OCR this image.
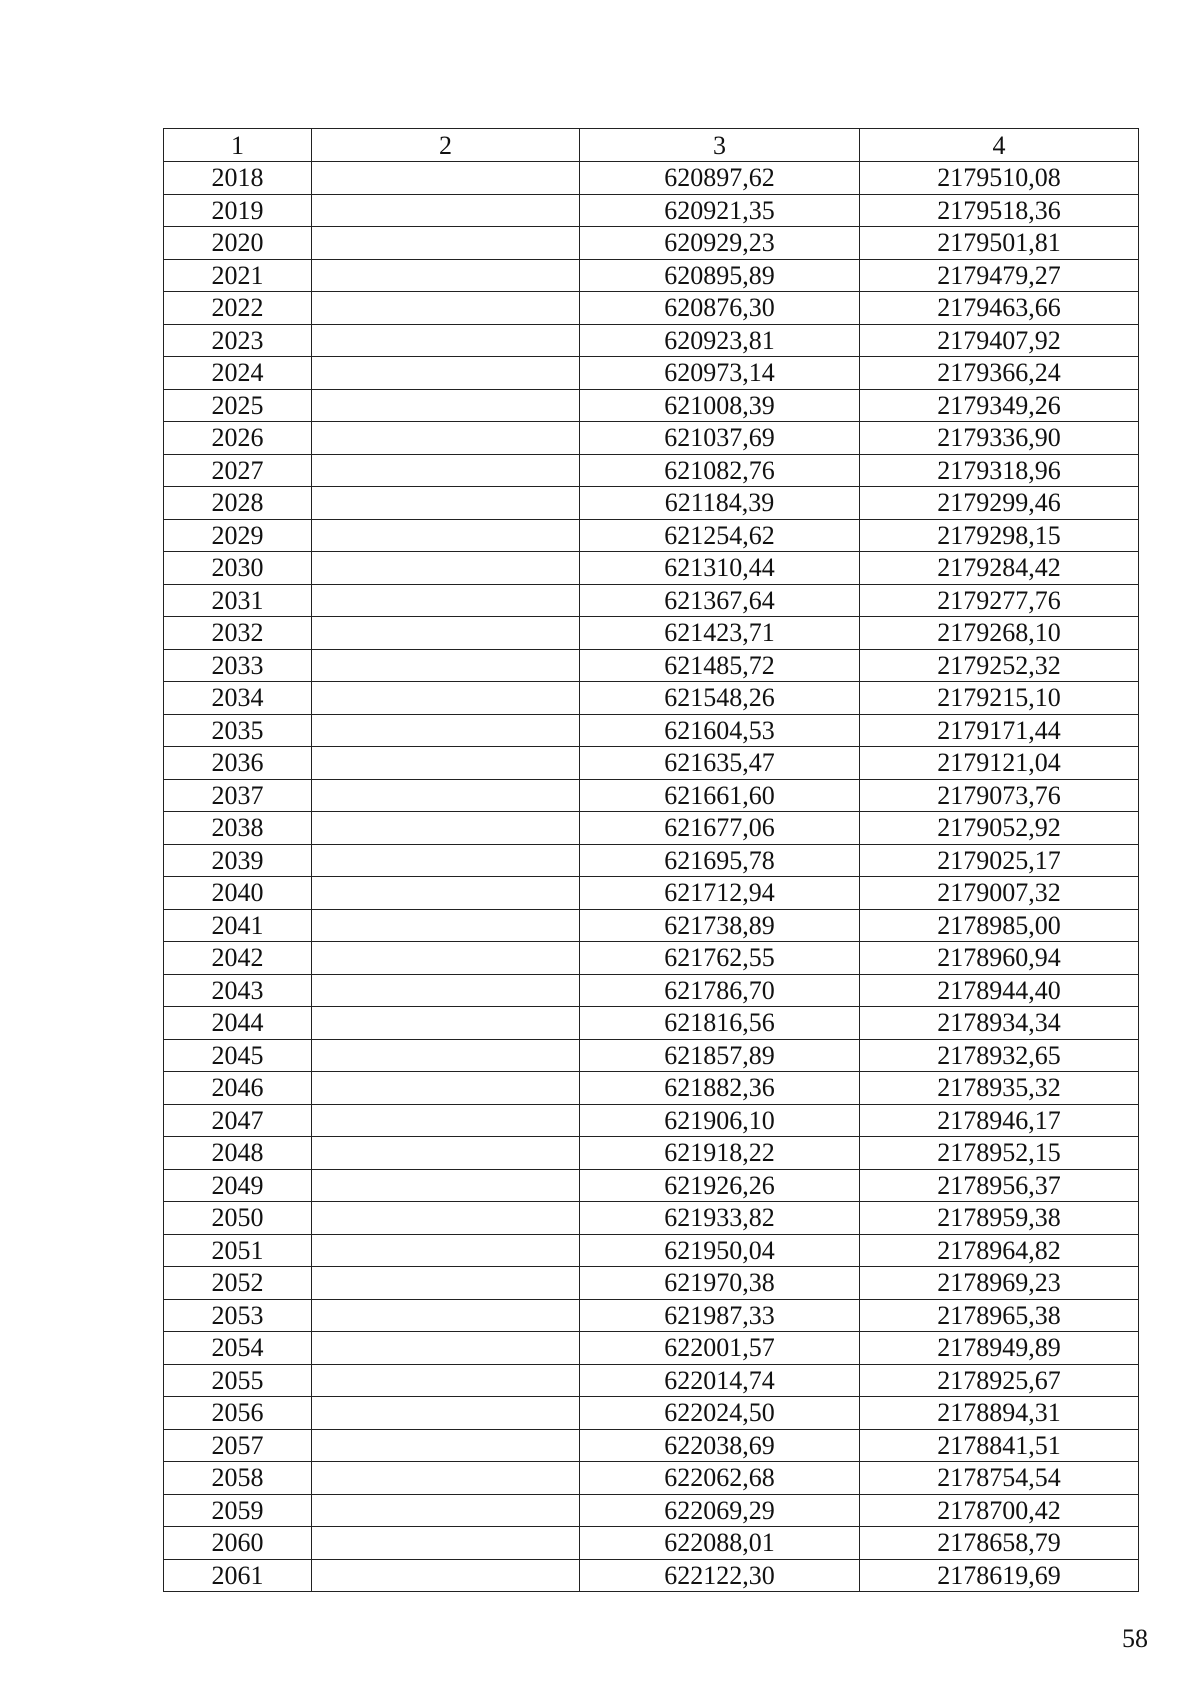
1	2	3	4
2018		620897,62	2179510,08
2019		620921,35	2179518,36
2020		620929,23	2179501,81
2021		620895,89	2179479,27
2022		620876,30	2179463,66
2023		620923,81	2179407,92
2024		620973,14	2179366,24
2025		621008,39	2179349,26
2026		621037,69	2179336,90
2027		621082,76	2179318,96
2028		621184,39	2179299,46
2029		621254,62	2179298,15
2030		621310,44	2179284,42
2031		621367,64	2179277,76
2032		621423,71	2179268,10
2033		621485,72	2179252,32
2034		621548,26	2179215,10
2035		621604,53	2179171,44
2036		621635,47	2179121,04
2037		621661,60	2179073,76
2038		621677,06	2179052,92
2039		621695,78	2179025,17
2040		621712,94	2179007,32
2041		621738,89	2178985,00
2042		621762,55	2178960,94
2043		621786,70	2178944,40
2044		621816,56	2178934,34
2045		621857,89	2178932,65
2046		621882,36	2178935,32
2047		621906,10	2178946,17
2048		621918,22	2178952,15
2049		621926,26	2178956,37
2050		621933,82	2178959,38
2051		621950,04	2178964,82
2052		621970,38	2178969,23
2053		621987,33	2178965,38
2054		622001,57	2178949,89
2055		622014,74	2178925,67
2056		622024,50	2178894,31
2057		622038,69	2178841,51
2058		622062,68	2178754,54
2059		622069,29	2178700,42
2060		622088,01	2178658,79
2061		622122,30	2178619,69
58
